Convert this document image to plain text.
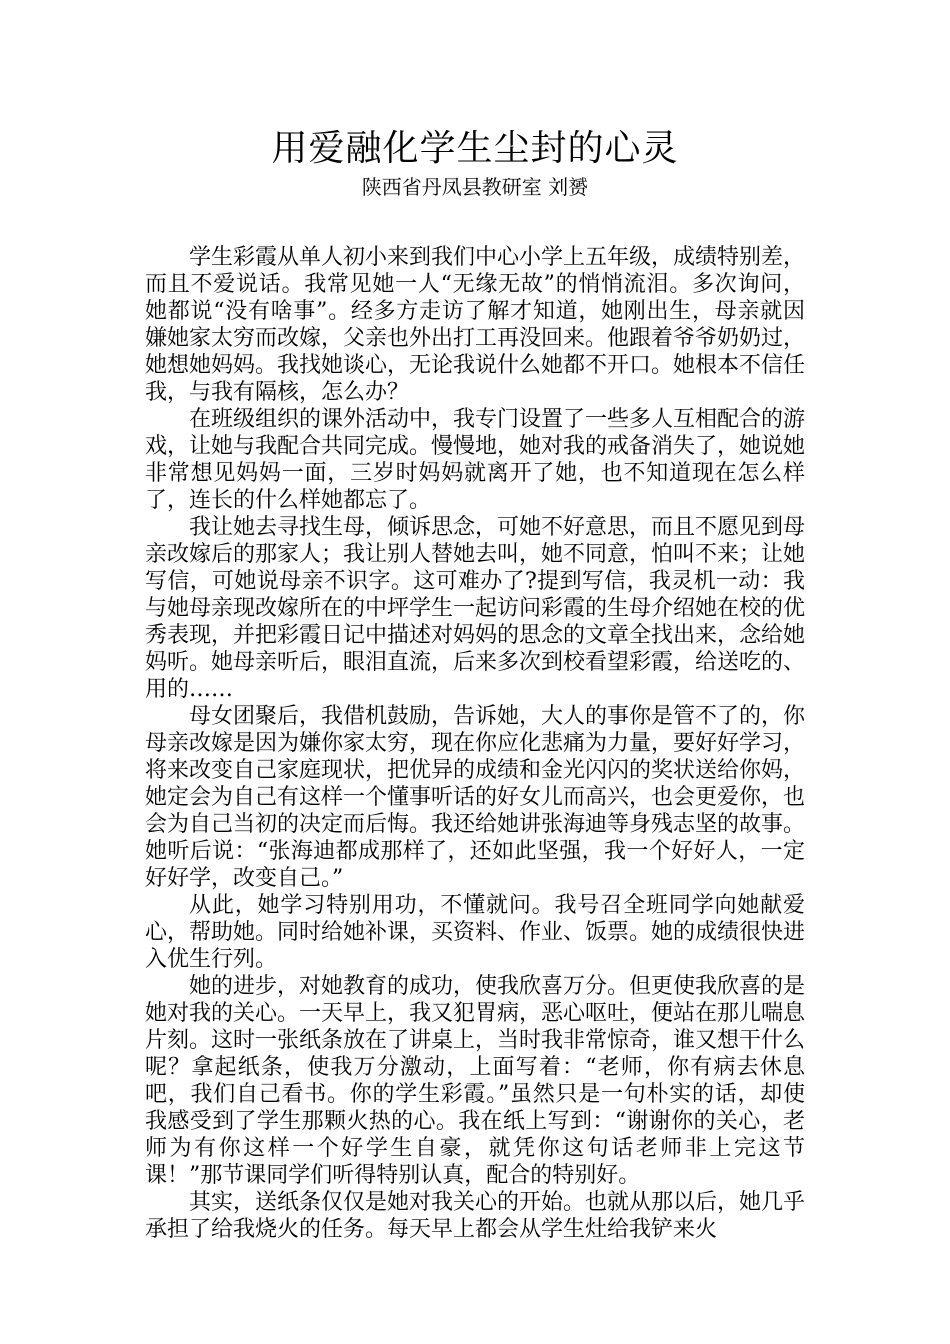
用爱融化学生尘封的心灵
陕西省丹凤县教研室 刘赟

学生彩霞从单人初小来到我们中心小学上五年级，成绩特别差，而且不爱说话。我常见她一人“无缘无故”的悄悄流泪。多次询问，她都说“没有啥事”。经多方走访了解才知道，她刚出生，母亲就因嫌她家太穷而改嫁，父亲也外出打工再没回来。他跟着爷爷奶奶过，她想她妈妈。我找她谈心，无论我说什么她都不开口。她根本不信任我，与我有隔核，怎么办？

在班级组织的课外活动中，我专门设置了一些多人互相配合的游戏，让她与我配合共同完成。慢慢地，她对我的戒备消失了，她说她非常想见妈妈一面，三岁时妈妈就离开了她，也不知道现在怎么样了，连长的什么样她都忘了。

我让她去寻找生母，倾诉思念，可她不好意思，而且不愿见到母亲改嫁后的那家人；我让别人替她去叫，她不同意，怕叫不来；让她写信，可她说母亲不识字。这可难办了?提到写信，我灵机一动：我与她母亲现改嫁所在的中坪学生一起访问彩霞的生母介绍她在校的优秀表现，并把彩霞日记中描述对妈妈的思念的文章全找出来，念给她妈听。她母亲听后，眼泪直流，后来多次到校看望彩霞，给送吃的、用的……

母女团聚后，我借机鼓励，告诉她，大人的事你是管不了的，你母亲改嫁是因为嫌你家太穷，现在你应化悲痛为力量，要好好学习，将来改变自己家庭现状，把优异的成绩和金光闪闪的奖状送给你妈，她定会为自己有这样一个懂事听话的好女儿而高兴，也会更爱你，也会为自己当初的决定而后悔。我还给她讲张海迪等身残志坚的故事。她听后说：“张海迪都成那样了，还如此坚强，我一个好好人，一定好好学，改变自己。”

从此，她学习特别用功，不懂就问。我号召全班同学向她献爱心，帮助她。同时给她补课，买资料、作业、饭票。她的成绩很快进入优生行列。

她的进步，对她教育的成功，使我欣喜万分。但更使我欣喜的是她对我的关心。一天早上，我又犯胃病，恶心呕吐，便站在那儿喘息片刻。这时一张纸条放在了讲桌上，当时我非常惊奇，谁又想干什么呢？拿起纸条，使我万分激动，上面写着：“老师，你有病去休息吧，我们自己看书。你的学生彩霞。”虽然只是一句朴实的话，却使我感受到了学生那颗火热的心。我在纸上写到：“谢谢你的关心，老师为有你这样一个好学生自豪，就凭你这句话老师非上完这节课！”那节课同学们听得特别认真，配合的特别好。

其实，送纸条仅仅是她对我关心的开始。也就从那以后，她几乎承担了给我烧火的任务。每天早上都会从学生灶给我铲来火
